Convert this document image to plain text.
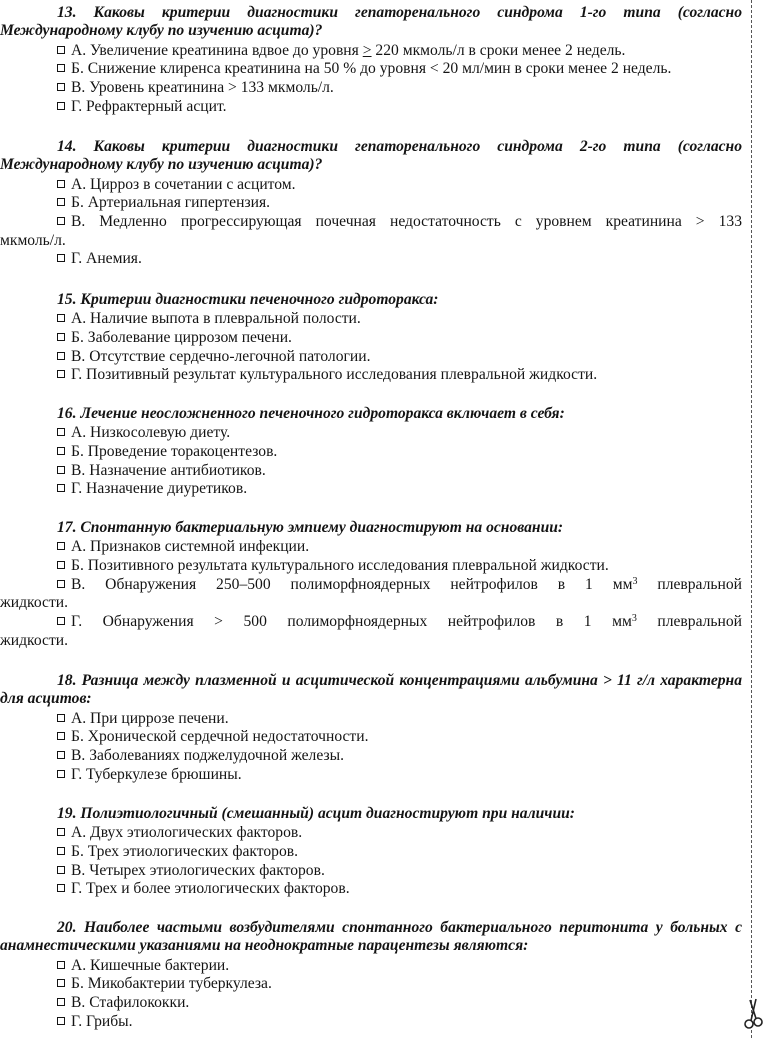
13. Каковы критерии диагностики гепаторенального синдрома 1-го типа (согласно Международному клубу по изучению асцита)?

А. Увеличение креатинина вдвое до уровня > 220 мкмоль/л в сроки менее 2 недель.

Б. Снижение клиренса креатинина на 50 % до уровня < 20 мл/мин в сроки менее 2 недель.

В. Уровень креатинина > 133 мкмоль/л.

Г. Рефрактерный асцит.

14. Каковы критерии диагностики гепаторенального синдрома 2-го типа (согласно Международному клубу по изучению асцита)?

А. Цирроз в сочетании с асцитом.

Б. Артериальная гипертензия.

В. Медленно прогрессирующая почечная недостаточность с уровнем креатинина > 133 мкмоль/л.

Г. Анемия.

15. Критерии диагностики печеночного гидроторакса:

А. Наличие выпота в плевральной полости.

Б. Заболевание циррозом печени.

В. Отсутствие сердечно-легочной патологии.

Г. Позитивный результат культурального исследования плевральной жидкости.

16. Лечение неосложненного печеночного гидроторакса включает в себя:

А. Низкосолевую диету.

Б. Проведение торакоцентезов.

В. Назначение антибиотиков.

Г. Назначение диуретиков.

17. Спонтанную бактериальную эмпиему диагностируют на основании:

А. Признаков системной инфекции.

Б. Позитивного результата культурального исследования плевральной жидкости.

В. Обнаружения 250–500 полиморфноядерных нейтрофилов в 1 $мм^3$ плевральной жидкости.

Г. Обнаружения > 500 полиморфноядерных нейтрофилов в 1 $мм^3$ плевральной жидкости.

18. Разница между плазменной и асцитической концентрациями альбумина > 11 г/л характерна для асцитов:

А. При циррозе печени.

Б. Хронической сердечной недостаточности.

В. Заболеваниях поджелудочной железы.

Г. Туберкулезе брюшины.

19. Полиэтиологичный (смешанный) асцит диагностируют при наличии:

А. Двух этиологических факторов.

Б. Трех этиологических факторов.

В. Четырех этиологических факторов.

Г. Трех и более этиологических факторов.

20. Наиболее частыми возбудителями спонтанного бактериального перитонита у больных с анамнестическими указаниями на неоднократные парацентезы являются:

А. Кишечные бактерии.

Б. Микобактерии туберкулеза.

В. Стафилококки.

Г. Грибы.
